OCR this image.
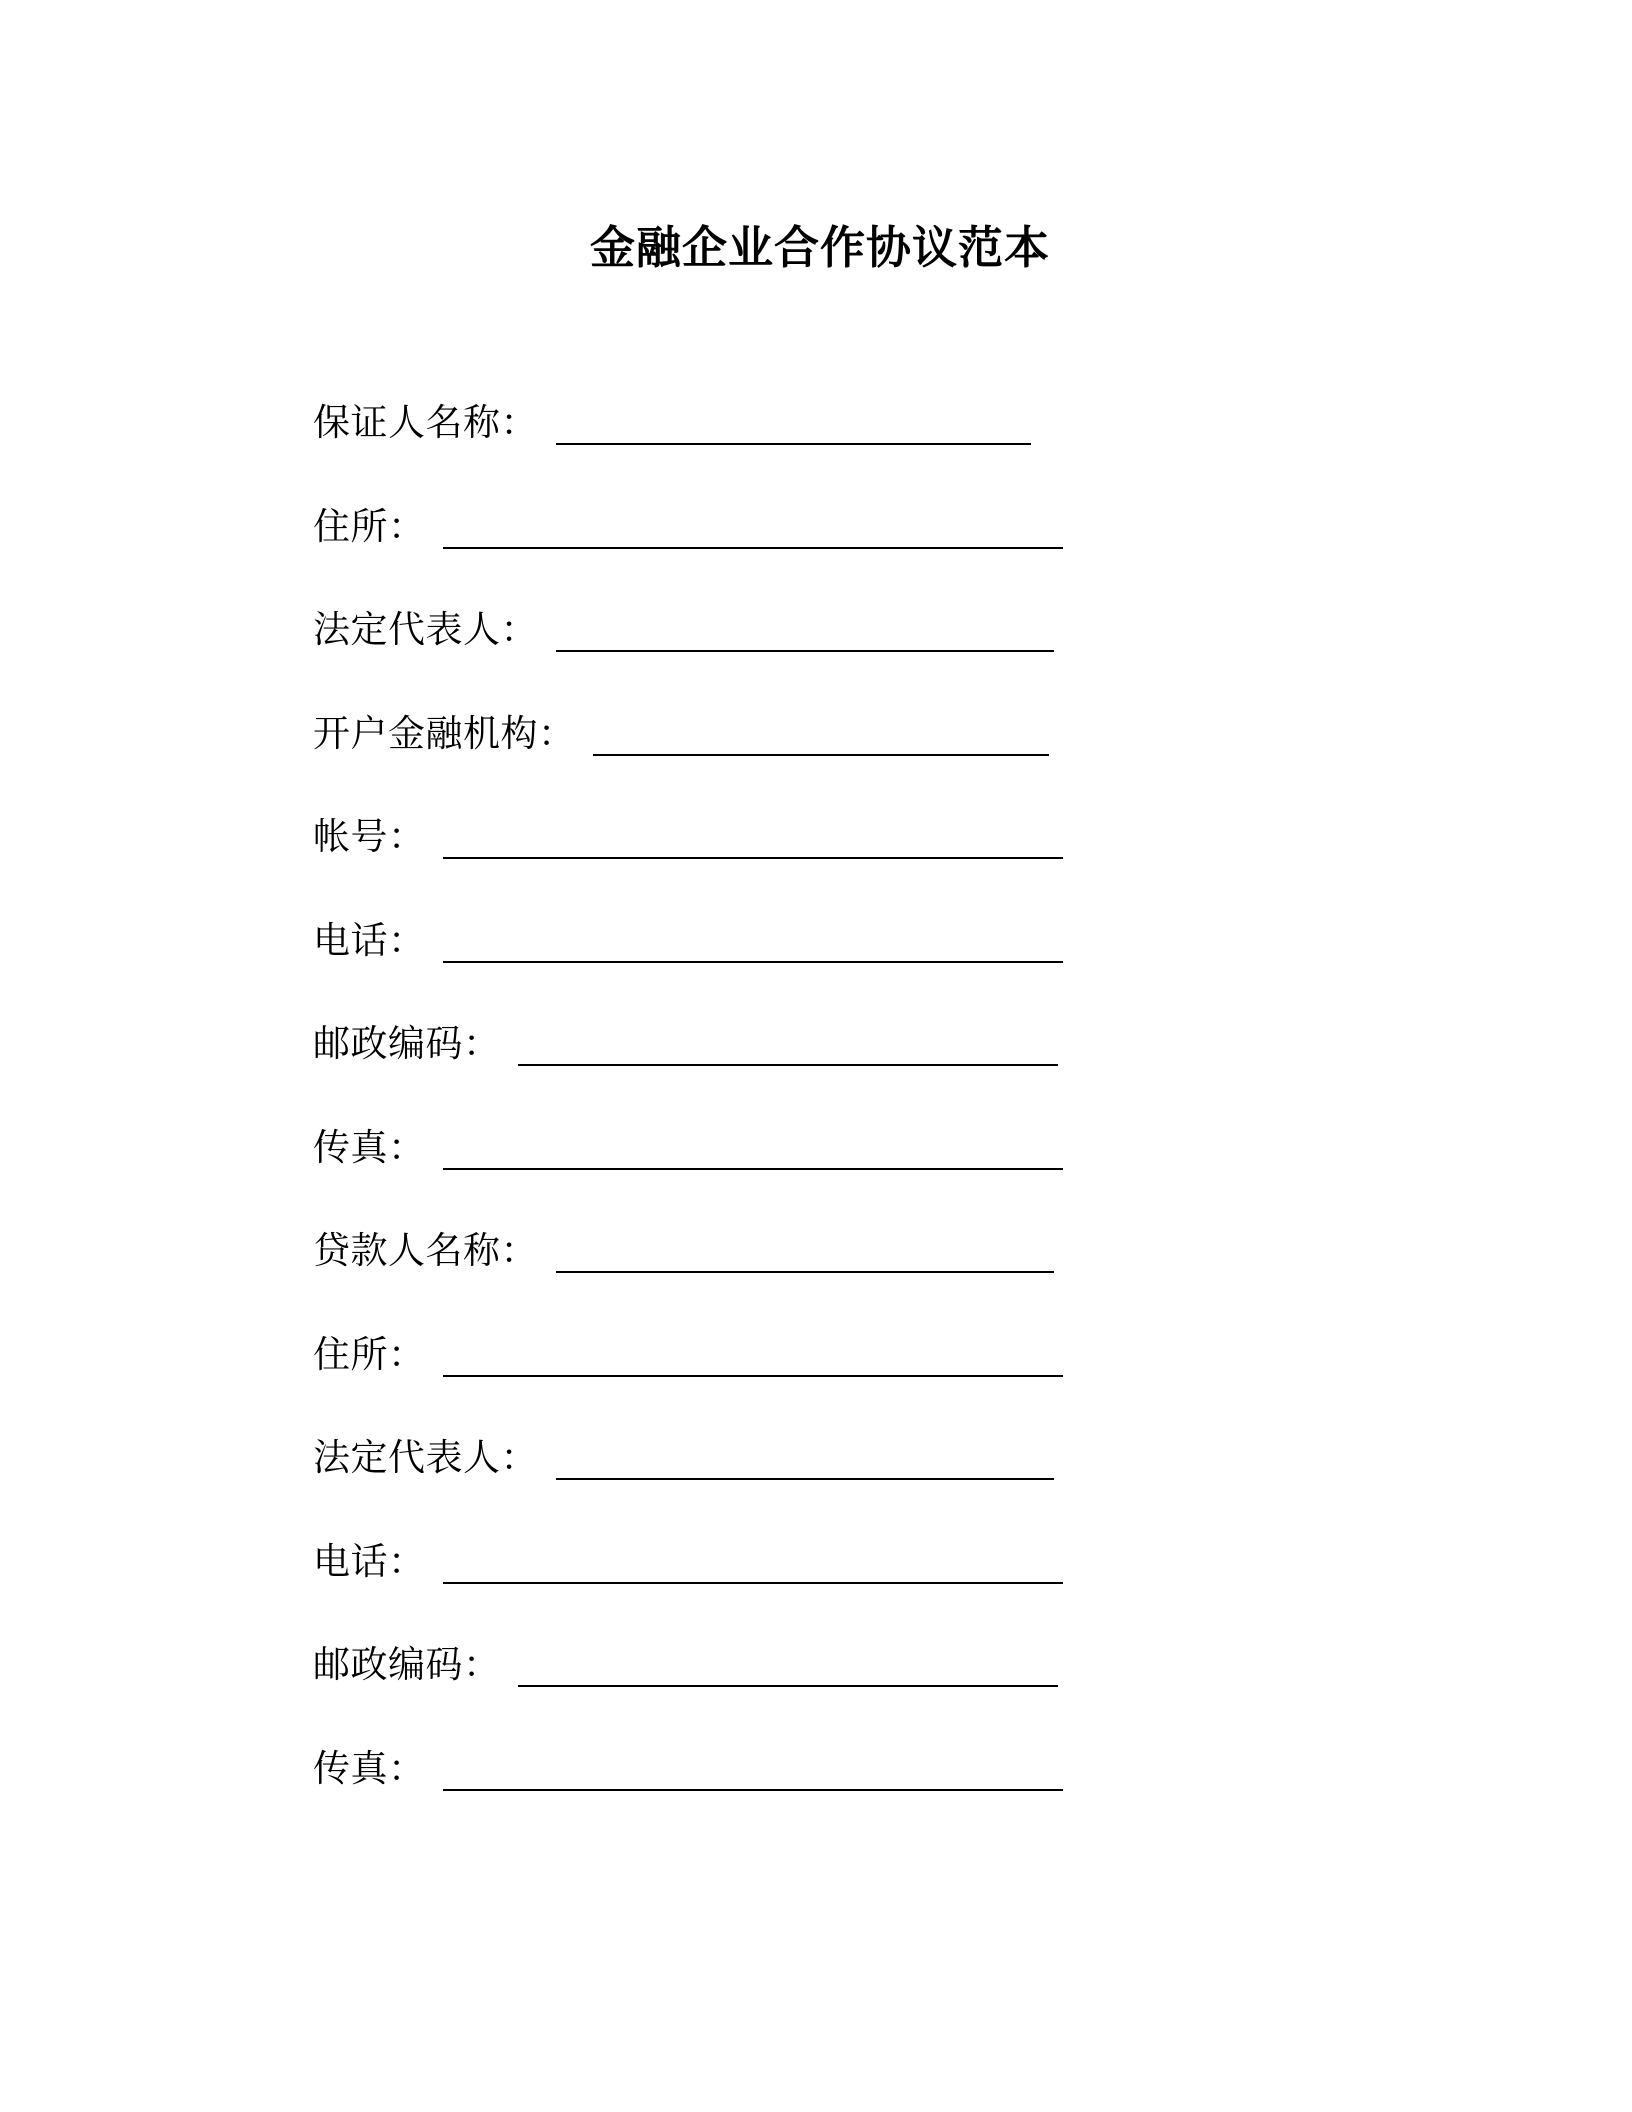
金融企业合作协议范本
保证人名称 ：
住所 ：
法定代表人 ：
开户金融机构 ：
帐号 ：
电话 ：
邮政编码 ：
传真 ：
贷款人名称 ：
住所 ：
法定代表人 ：
电话 ：
邮政编码 ：
传真 ：
